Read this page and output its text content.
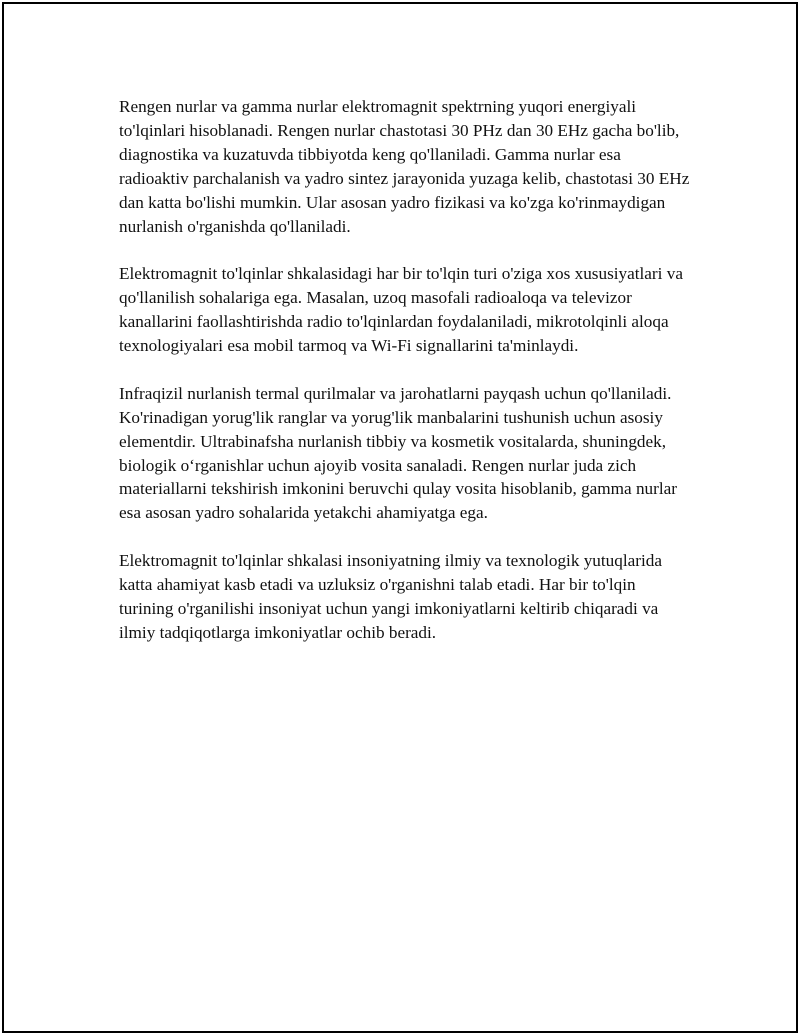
Rengen nurlar va gamma nurlar elektromagnit spektrning yuqori energiyali to'lqinlari hisoblanadi. Rengen nurlar chastotasi 30 PHz dan 30 EHz gacha bo'lib, diagnostika va kuzatuvda tibbiyotda keng qo'llaniladi. Gamma nurlar esa radioaktiv parchalanish va yadro sintez jarayonida yuzaga kelib, chastotasi 30 EHz dan katta bo'lishi mumkin. Ular asosan yadro fizikasi va ko'zga ko'rinmaydigan nurlanish o'rganishda qo'llaniladi.

Elektromagnit to'lqinlar shkalasidagi har bir to'lqin turi o'ziga xos xususiyatlari va qo'llanilish sohalariga ega. Masalan, uzoq masofali radioaloqa va televizor kanallarini faollashtirishda radio to'lqinlardan foydalaniladi, mikrotolqinli aloqa texnologiyalari esa mobil tarmoq va Wi-Fi signallarini ta'minlaydi.

Infraqizil nurlanish termal qurilmalar va jarohatlarni payqash uchun qo'llaniladi. Ko'rinadigan yorug'lik ranglar va yorug'lik manbalarini tushunish uchun asosiy elementdir. Ultrabinafsha nurlanish tibbiy va kosmetik vositalarda, shuningdek, biologik o‘rganishlar uchun ajoyib vosita sanaladi. Rengen nurlar juda zich materiallarni tekshirish imkonini beruvchi qulay vosita hisoblanib, gamma nurlar esa asosan yadro sohalarida yetakchi ahamiyatga ega.

Elektromagnit to'lqinlar shkalasi insoniyatning ilmiy va texnologik yutuqlarida katta ahamiyat kasb etadi va uzluksiz o'rganishni talab etadi. Har bir to'lqin turining o'rganilishi insoniyat uchun yangi imkoniyatlarni keltirib chiqaradi va ilmiy tadqiqotlarga imkoniyatlar ochib beradi.
